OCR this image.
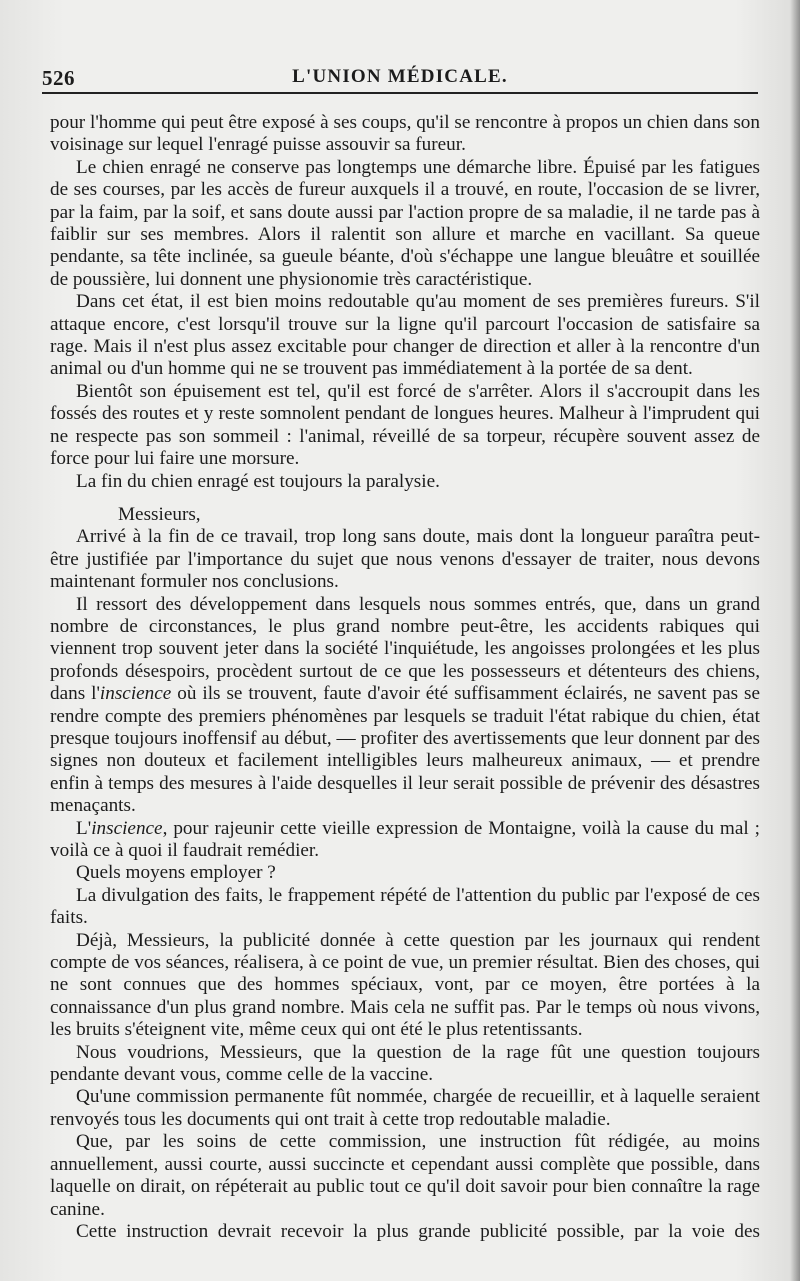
526	L'UNION MÉDICALE.

pour l'homme qui peut être exposé à ses coups, qu'il se rencontre à propos un chien dans son voisinage sur lequel l'enragé puisse assouvir sa fureur.

Le chien enragé ne conserve pas longtemps une démarche libre. Épuisé par les fatigues de ses courses, par les accès de fureur auxquels il a trouvé, en route, l'occasion de se livrer, par la faim, par la soif, et sans doute aussi par l'action propre de sa maladie, il ne tarde pas à faiblir sur ses membres. Alors il ralentit son allure et marche en vacillant. Sa queue pendante, sa tête inclinée, sa gueule béante, d'où s'échappe une langue bleuâtre et souillée de poussière, lui donnent une physionomie très caractéristique.

Dans cet état, il est bien moins redoutable qu'au moment de ses premières fureurs. S'il attaque encore, c'est lorsqu'il trouve sur la ligne qu'il parcourt l'occasion de satisfaire sa rage. Mais il n'est plus assez excitable pour changer de direction et aller à la rencontre d'un animal ou d'un homme qui ne se trouvent pas immédiatement à la portée de sa dent.

Bientôt son épuisement est tel, qu'il est forcé de s'arrêter. Alors il s'accroupit dans les fossés des routes et y reste somnolent pendant de longues heures. Malheur à l'imprudent qui ne respecte pas son sommeil : l'animal, réveillé de sa torpeur, récupère souvent assez de force pour lui faire une morsure.

La fin du chien enragé est toujours la paralysie.

Messieurs,

Arrivé à la fin de ce travail, trop long sans doute, mais dont la longueur paraîtra peut-être justifiée par l'importance du sujet que nous venons d'essayer de traiter, nous devons maintenant formuler nos conclusions.

Il ressort des développement dans lesquels nous sommes entrés, que, dans un grand nombre de circonstances, le plus grand nombre peut-être, les accidents rabiques qui viennent trop souvent jeter dans la société l'inquiétude, les angoisses prolongées et les plus profonds désespoirs, procèdent surtout de ce que les possesseurs et détenteurs des chiens, dans l'inscience où ils se trouvent, faute d'avoir été suffisamment éclairés, ne savent pas se rendre compte des premiers phénomènes par lesquels se traduit l'état rabique du chien, état presque toujours inoffensif au début, — profiter des avertissements que leur donnent par des signes non douteux et facilement intelligibles leurs malheureux animaux, — et prendre enfin à temps des mesures à l'aide desquelles il leur serait possible de prévenir des désastres menaçants.

L'inscience, pour rajeunir cette vieille expression de Montaigne, voilà la cause du mal ; voilà ce à quoi il faudrait remédier.

Quels moyens employer ?

La divulgation des faits, le frappement répété de l'attention du public par l'exposé de ces faits.

Déjà, Messieurs, la publicité donnée à cette question par les journaux qui rendent compte de vos séances, réalisera, à ce point de vue, un premier résultat. Bien des choses, qui ne sont connues que des hommes spéciaux, vont, par ce moyen, être portées à la connaissance d'un plus grand nombre. Mais cela ne suffit pas. Par le temps où nous vivons, les bruits s'éteignent vite, même ceux qui ont été le plus retentissants.

Nous voudrions, Messieurs, que la question de la rage fût une question toujours pendante devant vous, comme celle de la vaccine.

Qu'une commission permanente fût nommée, chargée de recueillir, et à laquelle seraient renvoyés tous les documents qui ont trait à cette trop redoutable maladie.

Que, par les soins de cette commission, une instruction fût rédigée, au moins annuellement, aussi courte, aussi succincte et cependant aussi complète que possible, dans laquelle on dirait, on répéterait au public tout ce qu'il doit savoir pour bien connaître la rage canine.

Cette instruction devrait recevoir la plus grande publicité possible, par la voie des
